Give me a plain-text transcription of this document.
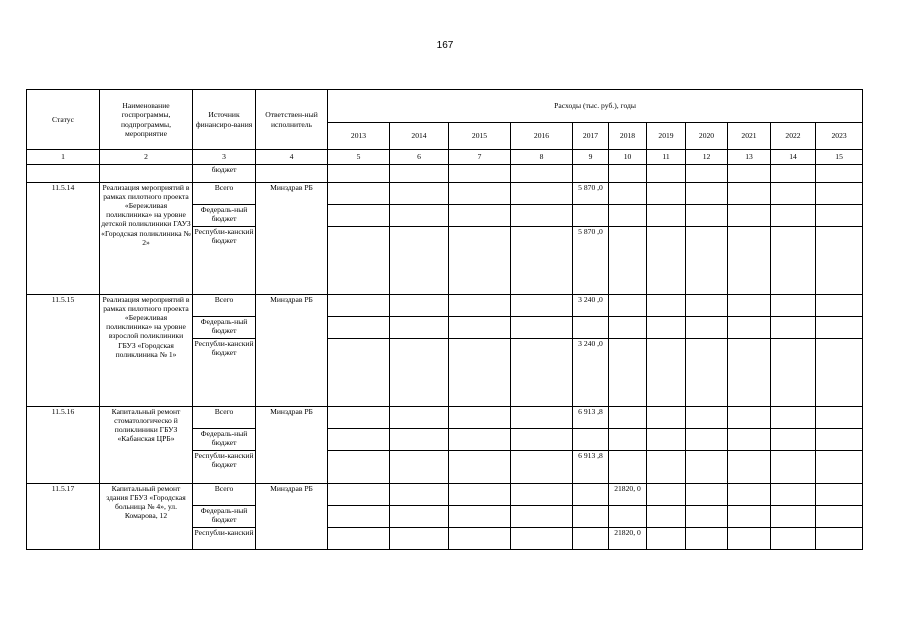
167
Статус	Наименование госпрограммы, подпрограммы, мероприятие	Источник финансиро-вания	Ответствен-ный исполнитель	Расходы (тыс. руб.), годы										
				2013	2014	2015	2016	2017	2018	2019	2020	2021	2022	2023
1	2	3	4	5	6	7	8	9	10	11	12	13	14	15
		бюджет												
11.5.14	Реализация мероприятий в рамках пилотного проекта «Бережливая поликлиника» на уровне детской поликлиники ГАУЗ «Городская поликлиника № 2»	Всего	Минздрав РБ					5 870 ,0						
		Федераль-ный бюджет												
		Республи-канский бюджет						5 870 ,0						
11.5.15	Реализация мероприятий в рамках пилотного проекта «Бережливая поликлиника» на уровне взрослой поликлиники ГБУЗ «Городская поликлиника № 1»	Всего	Минздрав РБ					3 240 ,0						
		Федераль-ный бюджет												
		Республи-канский бюджет						3 240 ,0						
11.5.16	Капитальный ремонт стоматологическо й поликлиники ГБУЗ «Кабанская ЦРБ»	Всего	Минздрав РБ					6 913 ,8						
		Федераль-ный бюджет												
		Республи-канский бюджет						6 913 ,8						
11.5.17	Капитальный ремонт здания ГБУЗ «Городская больница № 4», ул. Комарова, 12	Всего	Минздрав РБ						21820, 0					
		Федераль-ный бюджет												
		Республи-канский							21820, 0					
